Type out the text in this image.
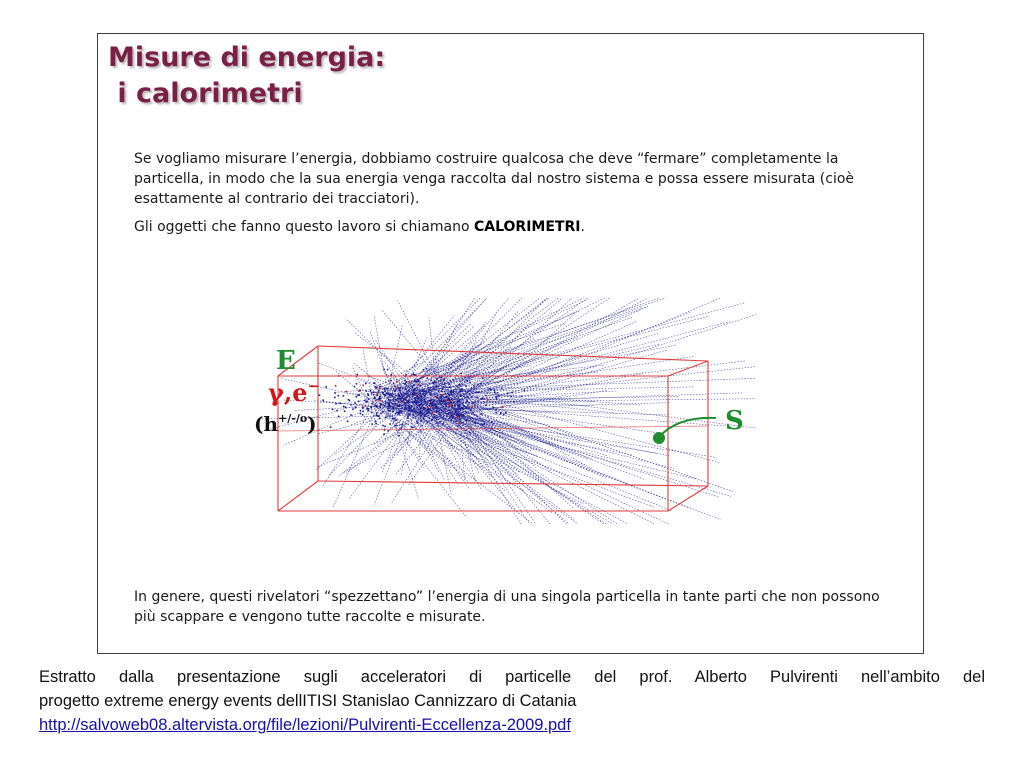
Misure di energia:
i calorimetri

Se vogliamo misurare l’energia, dobbiamo costruire qualcosa che deve “fermare” completamente la particella, in modo che la sua energia venga raccolta dal nostro sistema e possa essere misurata (cioè esattamente al contrario dei tracciatori).

Gli oggetti che fanno questo lavoro si chiamano CALORIMETRI.

E
γ,e−
$(h^{+/-/o})$	S

In genere, questi rivelatori “spezzettano” l’energia di una singola particella in tante parti che non possono più scappare e vengono tutte raccolte e misurate.

Estratto dalla presentazione sugli acceleratori di particelle del prof. Alberto Pulvirenti nell’ambito del
progetto extreme energy events dellITISI Stanislao Cannizzaro di Catania
http://salvoweb08.altervista.org/file/lezioni/Pulvirenti-Eccellenza-2009.pdf
